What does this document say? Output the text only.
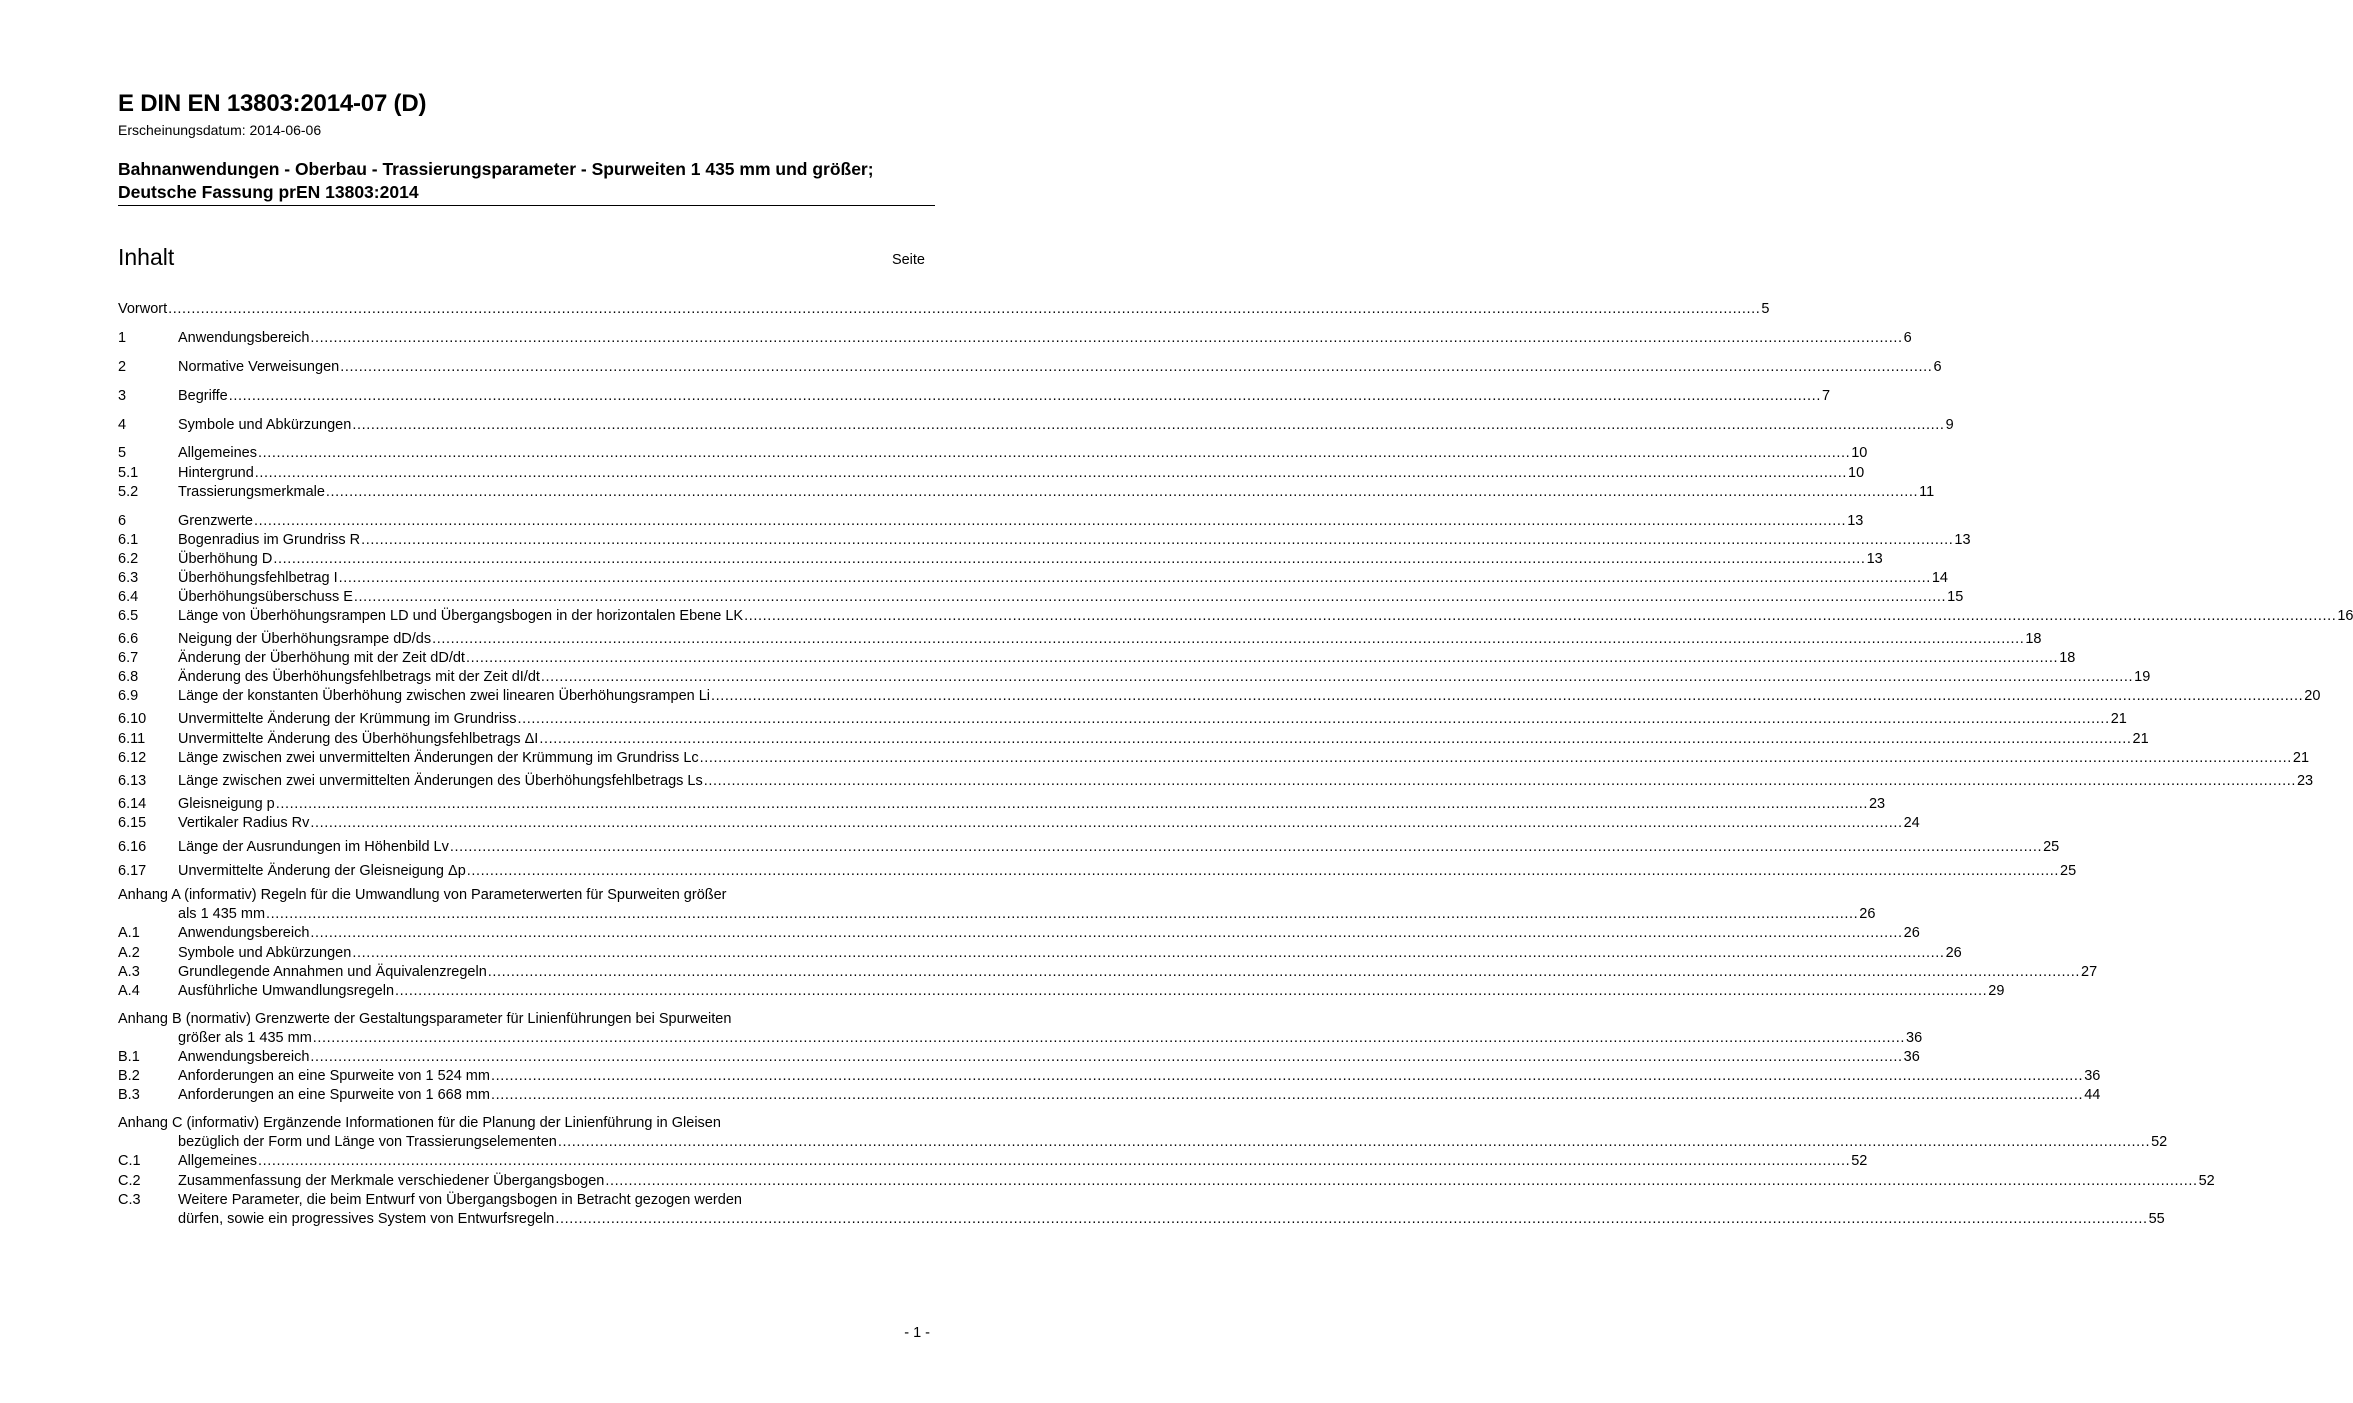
E DIN EN 13803:2014-07 (D)
Erscheinungsdatum: 2014-06-06
Bahnanwendungen - Oberbau - Trassierungsparameter - Spurweiten 1 435 mm und größer; Deutsche Fassung prEN 13803:2014
Inhalt	Seite
Vorwort .....	5
1	Anwendungsbereich .....	6
2	Normative Verweisungen .....	6
3	Begriffe .....	7
4	Symbole und Abkürzungen .....	9
5	Allgemeines .....	10
5.1	Hintergrund .....	10
5.2	Trassierungsmerkmale .....	11
6	Grenzwerte .....	13
6.1	Bogenradius im Grundriss R .....	13
6.2	Überhöhung D .....	13
6.3	Überhöhungsfehlbetrag I .....	14
6.4	Überhöhungsüberschuss E .....	15
6.5	Länge von Überhöhungsrampen LD und Übergangsbogen in der horizontalen Ebene LK .....	16
6.6	Neigung der Überhöhungsrampe dD/ds .....	18
6.7	Änderung der Überhöhung mit der Zeit dD/dt .....	18
6.8	Änderung des Überhöhungsfehlbetrags mit der Zeit dI/dt .....	19
6.9	Länge der konstanten Überhöhung zwischen zwei linearen Überhöhungsrampen Li .....	20
6.10	Unvermittelte Änderung der Krümmung im Grundriss .....	21
6.11	Unvermittelte Änderung des Überhöhungsfehlbetrags ΔI .....	21
6.12	Länge zwischen zwei unvermittelten Änderungen der Krümmung im Grundriss Lc .....	21
6.13	Länge zwischen zwei unvermittelten Änderungen des Überhöhungsfehlbetrags Ls .....	23
6.14	Gleisneigung p .....	23
6.15	Vertikaler Radius Rv .....	24
6.16	Länge der Ausrundungen im Höhenbild Lv .....	25
6.17	Unvermittelte Änderung der Gleisneigung Δp .....	25
Anhang A (informativ) Regeln für die Umwandlung von Parameterwerten für Spurweiten größer
als 1 435 mm .....	26
A.1	Anwendungsbereich .....	26
A.2	Symbole und Abkürzungen .....	26
A.3	Grundlegende Annahmen und Äquivalenzregeln .....	27
A.4	Ausführliche Umwandlungsregeln .....	29
Anhang B (normativ) Grenzwerte der Gestaltungsparameter für Linienführungen bei Spurweiten
größer als 1 435 mm .....	36
B.1	Anwendungsbereich .....	36
B.2	Anforderungen an eine Spurweite von 1 524 mm .....	36
B.3	Anforderungen an eine Spurweite von 1 668 mm .....	44
Anhang C (informativ) Ergänzende Informationen für die Planung der Linienführung in Gleisen
bezüglich der Form und Länge von Trassierungselementen .....	52
C.1	Allgemeines .....	52
C.2	Zusammenfassung der Merkmale verschiedener Übergangsbogen .....	52
C.3	Weitere Parameter, die beim Entwurf von Übergangsbogen in Betracht gezogen werden
dürfen, sowie ein progressives System von Entwurfsregeln .....	55
- 1 -
